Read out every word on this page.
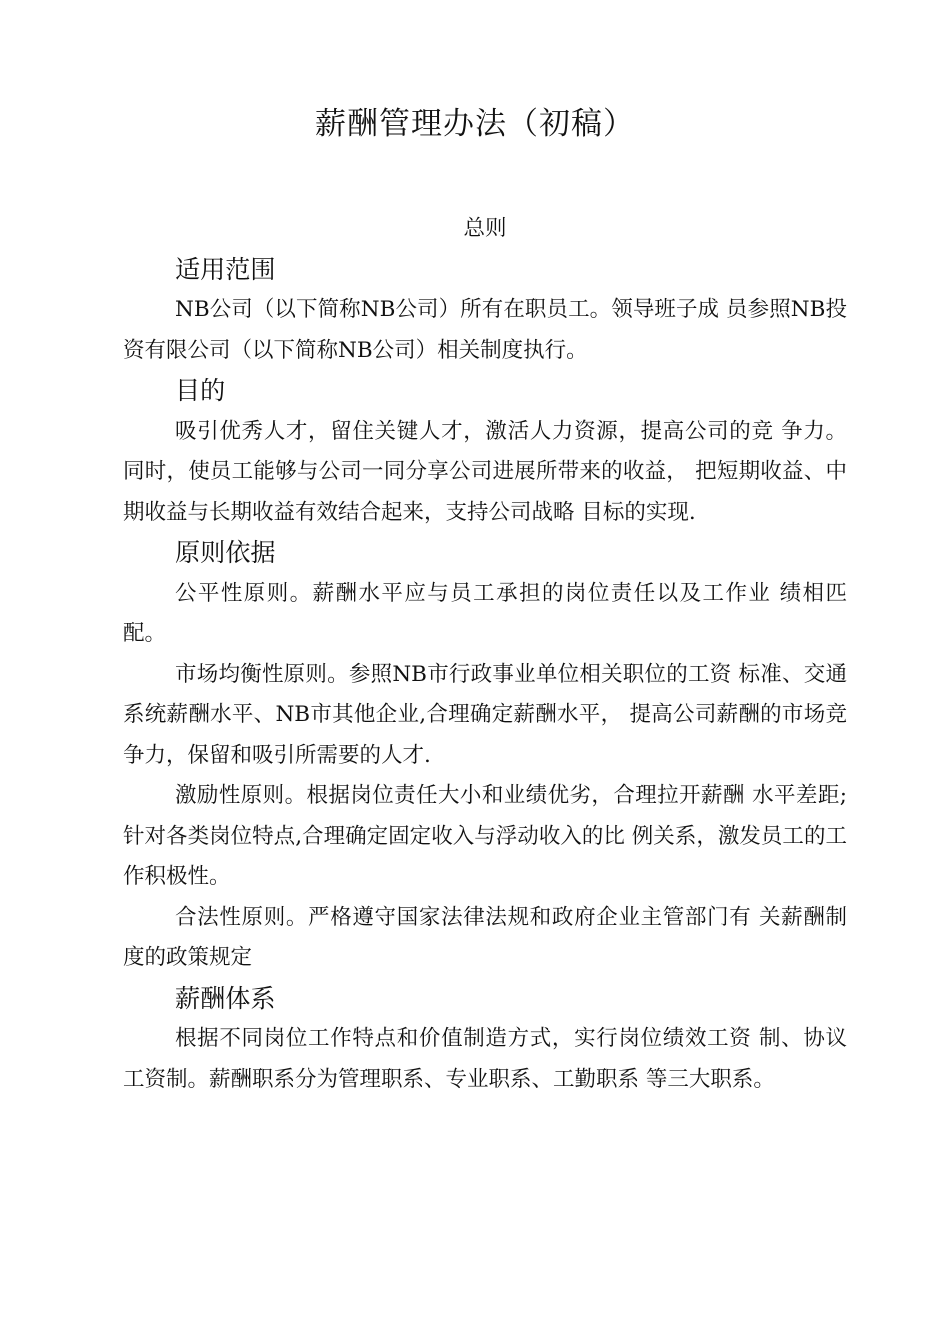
薪酬管理办法（初稿）
总则
适用范围

NB公司（以下简称NB公司）所有在职员工。领导班子成 员参照NB投资有限公司（以下简称NB公司）相关制度执行。

目的

吸引优秀人才，留住关键人才，激活人力资源，提高公司的竞 争力。同时，使员工能够与公司一同分享公司进展所带来的收益， 把短期收益、中期收益与长期收益有效结合起来，支持公司战略 目标的实现.

原则依据

公平性原则。薪酬水平应与员工承担的岗位责任以及工作业 绩相匹配。

市场均衡性原则。参照NB市行政事业单位相关职位的工资 标准、交通系统薪酬水平、NB市其他企业,合理确定薪酬水平， 提高公司薪酬的市场竞争力，保留和吸引所需要的人才.

激励性原则。根据岗位责任大小和业绩优劣，合理拉开薪酬 水平差距;针对各类岗位特点,合理确定固定收入与浮动收入的比 例关系，激发员工的工作积极性。

合法性原则。严格遵守国家法律法规和政府企业主管部门有 关薪酬制度的政策规定

薪酬体系

根据不同岗位工作特点和价值制造方式，实行岗位绩效工资 制、协议工资制。薪酬职系分为管理职系、专业职系、工勤职系 等三大职系。
